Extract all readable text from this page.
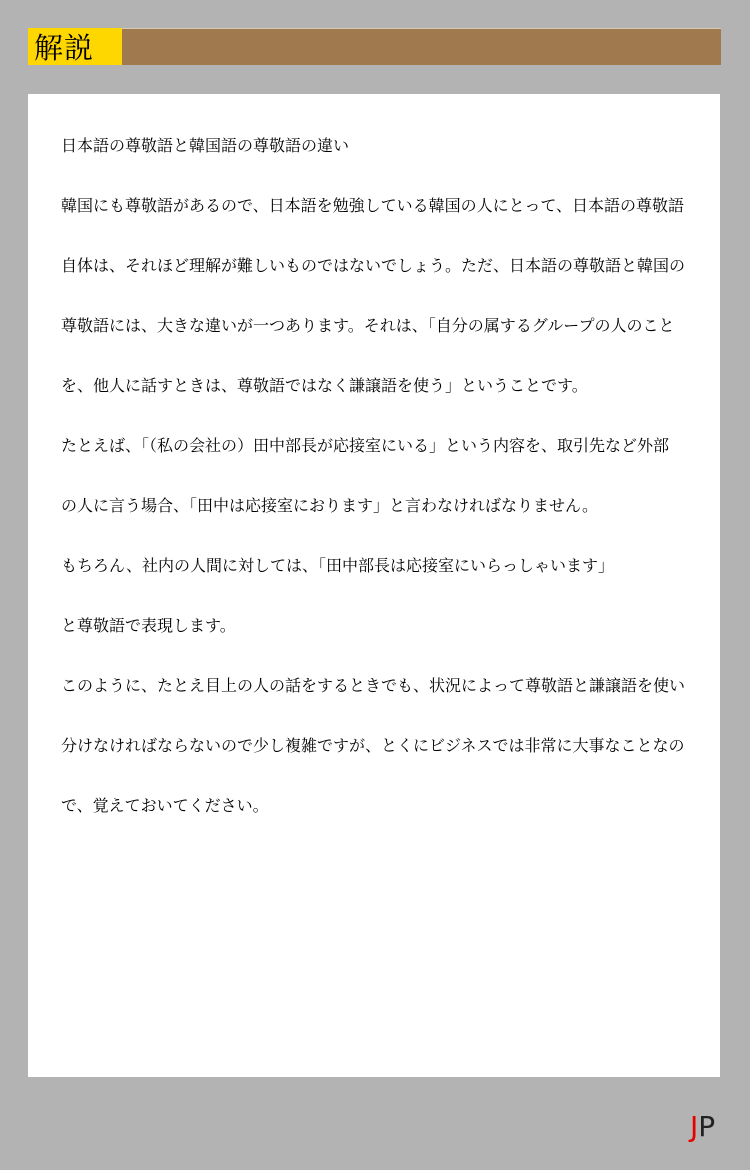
解説
日本語の尊敬語と韓国語の尊敬語の違い
韓国にも尊敬語があるので、日本語を勉強している韓国の人にとって、日本語の尊敬語
自体は、それほど理解が難しいものではないでしょう。ただ、日本語の尊敬語と韓国の
尊敬語には、大きな違いが一つあります。それは、「自分の属するグループの人のこと
を、他人に話すときは、尊敬語ではなく謙譲語を使う」ということです。
たとえば、「（私の会社の）田中部長が応接室にいる」という内容を、取引先など外部
の人に言う場合、「田中は応接室におります」と言わなければなりません。
もちろん、社内の人間に対しては、「田中部長は応接室にいらっしゃいます」
と尊敬語で表現します。
このように、たとえ目上の人の話をするときでも、状況によって尊敬語と謙譲語を使い
分けなければならないので少し複雑ですが、とくにビジネスでは非常に大事なことなの
で、覚えておいてください。
JP
